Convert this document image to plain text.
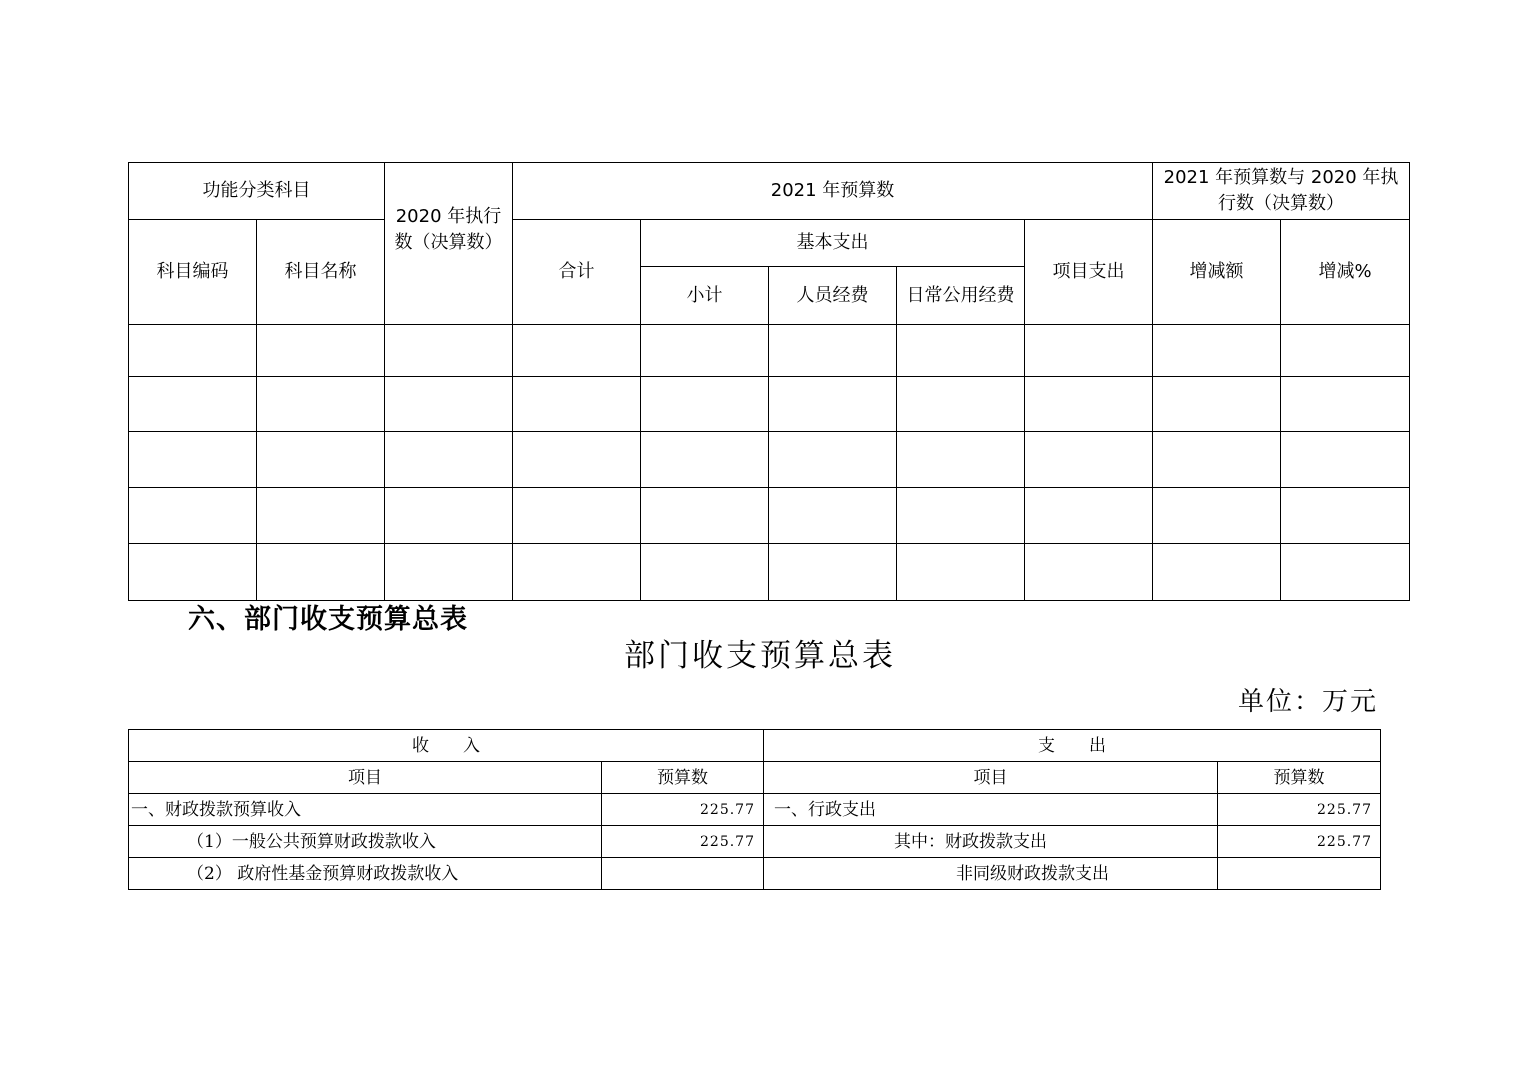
功能分类科目		2020 年执行数（决算数）	2021 年预算数					2021 年预算数与 2020 年执行数（决算数）	
科目编码	科目名称		合计	基本支出			项目支出	增减额	增减%
				小计	人员经费	日常公用经费			

六、部门收支预算总表
部门收支预算总表
单位：万元
收　　入		支　　出	
项目	预算数	项目	预算数
一、财政拨款预算收入	225.77	一、行政支出	225.77
（1）一般公共预算财政拨款收入	225.77	其中：财政拨款支出	225.77
（2） 政府性基金预算财政拨款收入		非同级财政拨款支出	
